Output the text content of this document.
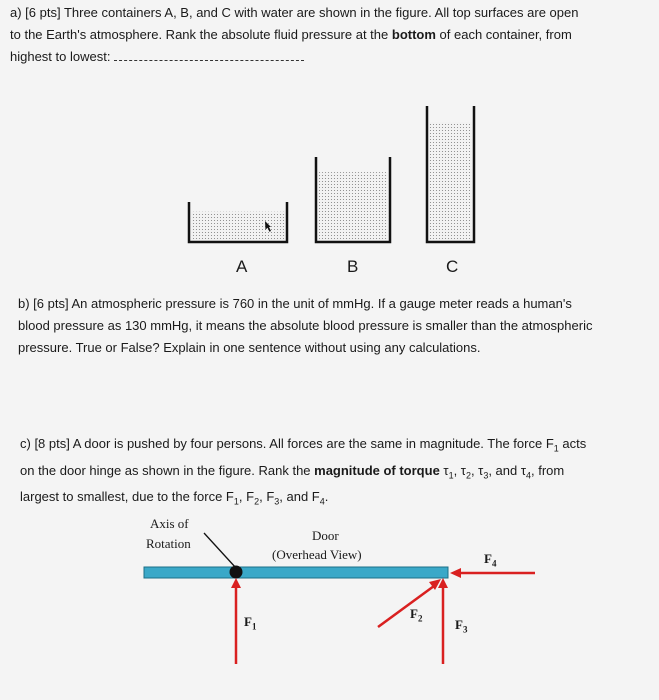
a) [6 pts] Three containers A, B, and C with water are shown in the figure. All top surfaces are open
to the Earth's atmosphere. Rank the absolute fluid pressure at the bottom of each container, from
highest to lowest:
A	B	C
b) [6 pts] An atmospheric pressure is 760 in the unit of mmHg. If a gauge meter reads a human's
blood pressure as 130 mmHg, it means the absolute blood pressure is smaller than the atmospheric
pressure. True or False? Explain in one sentence without using any calculations.
c) [8 pts] A door is pushed by four persons. All forces are the same in magnitude. The force $F_1$ acts
on the door hinge as shown in the figure. Rank the magnitude of torque $\tau_1$, $\tau_2$, $\tau_3$, and $\tau_4$, from
largest to smallest, due to the force $F_1$, $F_2$, $F_3$, and $F_4$.
Axis of
Rotation
Door
(Overhead View)
$F_1$
$F_2$	$F_3$
$F_4$
